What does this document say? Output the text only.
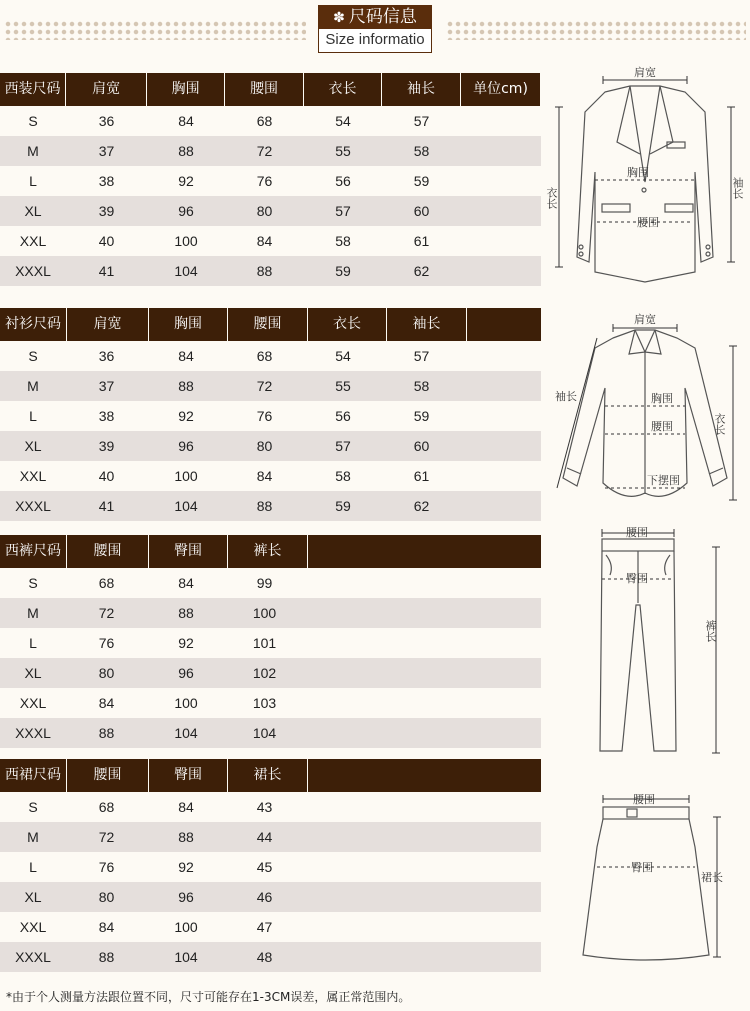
✽ 尺码信息
Size informatio
西装尺码	肩宽	胸围	腰围	衣长	袖长	单位cm)
S	36	84	68	54	57
M	37	88	72	55	58
L	38	92	76	56	59
XL	39	96	80	57	60
XXL	40	100	84	58	61
XXXL	41	104	88	59	62
衬衫尺码	肩宽	胸围	腰围	衣长	袖长
S	36	84	68	54	57
M	37	88	72	55	58
L	38	92	76	56	59
XL	39	96	80	57	60
XXL	40	100	84	58	61
XXXL	41	104	88	59	62
西裤尺码	腰围	臀围	裤长
S	68	84	99
M	72	88	100
L	76	92	101
XL	80	96	102
XXL	84	100	103
XXXL	88	104	104
西裙尺码	腰围	臀围	裙长
S	68	84	43
M	72	88	44
L	76	92	45
XL	80	96	46
XXL	84	100	47
XXXL	88	104	48
肩宽
衣长	袖长
胸围
腰围
肩宽
袖长
衣长
胸围
腰围
下摆围
腰围
臀围
裤长
腰围
臀围
裙长
*由于个人测量方法跟位置不同，尺寸可能存在1-3CM误差，属正常范围内。
